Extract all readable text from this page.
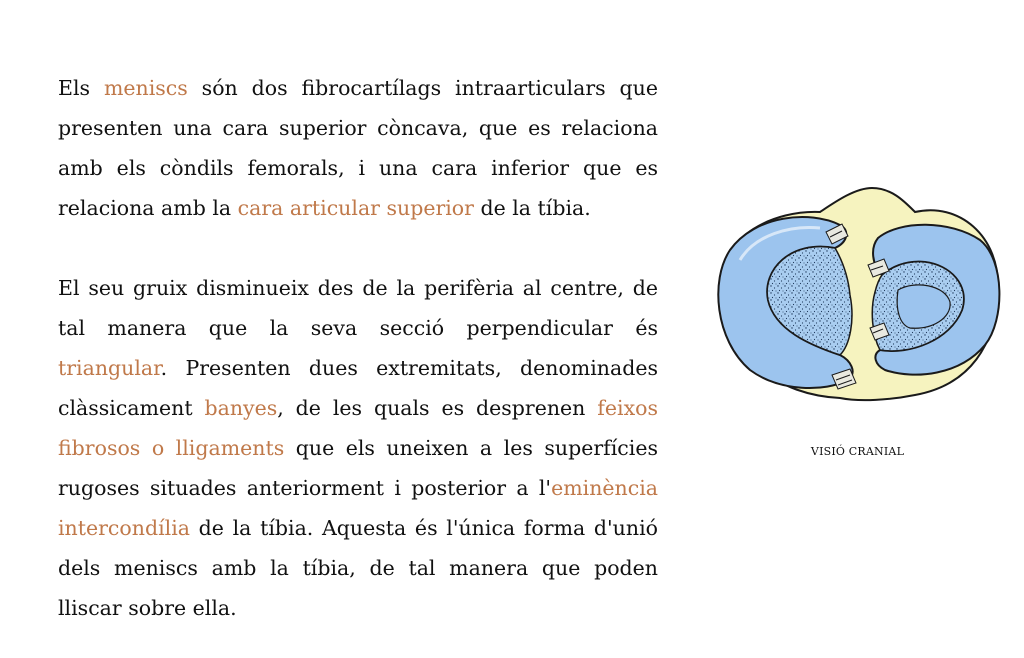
Els meniscs són dos fibrocartílags intraarticulars que presenten una cara superior còncava, que es relaciona amb els còndils femorals, i una cara inferior que es relaciona amb la cara articular superior de la tíbia.

El seu gruix disminueix des de la perifèria al centre, de tal manera que la seva secció perpendicular és triangular. Presenten dues extremitats, denominades clàssicament banyes, de les quals es desprenen feixos fibrosos o lligaments que els uneixen a les superfícies rugoses situades anteriorment i posterior a l'eminència intercondília de la tíbia. Aquesta és l'única forma d'unió dels meniscs amb la tíbia, de tal manera que poden lliscar sobre ella.

VISIÓ CRANIAL
